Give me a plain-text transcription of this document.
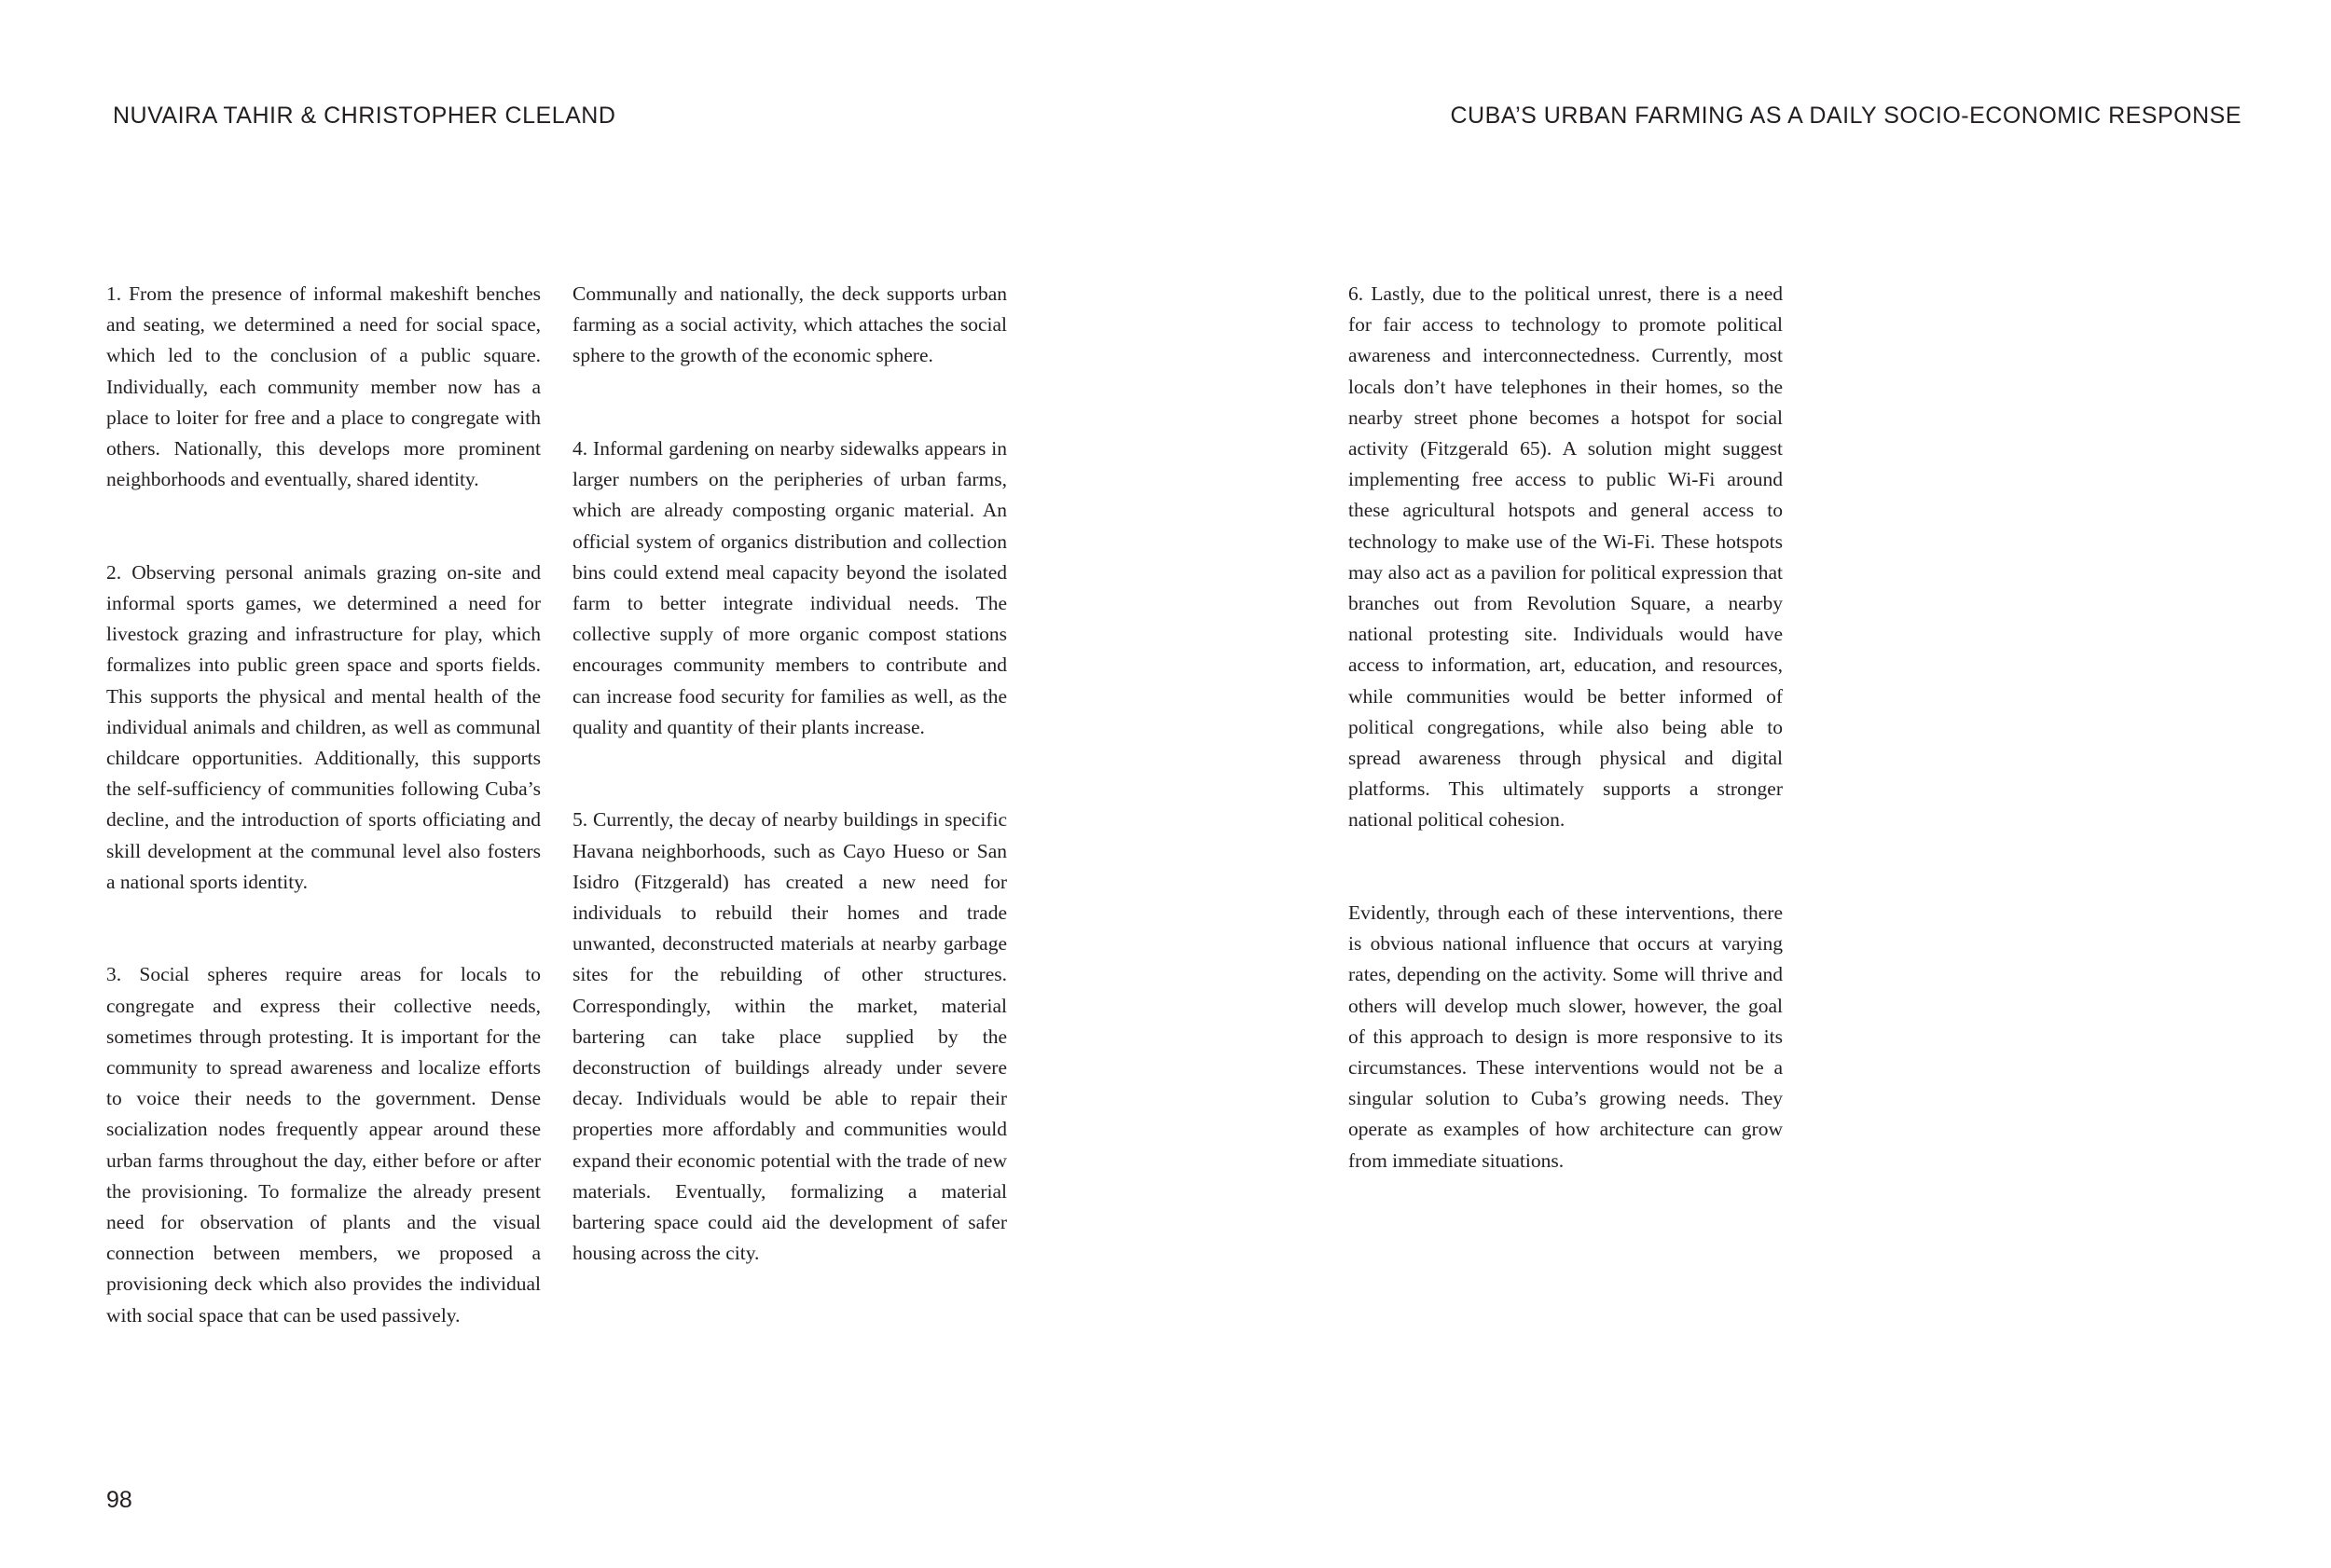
NUVAIRA TAHIR & CHRISTOPHER CLELAND	CUBA’S URBAN FARMING AS A DAILY SOCIO-ECONOMIC RESPONSE

1. From the presence of informal makeshift benches and seating, we determined a need for social space, which led to the conclusion of a public square. Individually, each community member now has a place to loiter for free and a place to congregate with others. Nationally, this develops more prominent neighborhoods and eventually, shared identity.

2. Observing personal animals grazing on-site and informal sports games, we determined a need for livestock grazing and infrastructure for play, which formalizes into public green space and sports fields. This supports the physical and mental health of the individual animals and children, as well as communal childcare opportunities. Additionally, this supports the self-sufficiency of communities following Cuba’s decline, and the introduction of sports officiating and skill development at the communal level also fosters a national sports identity.

3. Social spheres require areas for locals to congregate and express their collective needs, sometimes through protesting. It is important for the community to spread awareness and localize efforts to voice their needs to the government. Dense socialization nodes frequently appear around these urban farms throughout the day, either before or after the provisioning. To formalize the already present need for observation of plants and the visual connection between members, we proposed a provisioning deck which also provides the individual with social space that can be used passively.

Communally and nationally, the deck supports urban farming as a social activity, which attaches the social sphere to the growth of the economic sphere.

4. Informal gardening on nearby sidewalks appears in larger numbers on the peripheries of urban farms, which are already composting organic material. An official system of organics distribution and collection bins could extend meal capacity beyond the isolated farm to better integrate individual needs. The collective supply of more organic compost stations encourages community members to contribute and can increase food security for families as well, as the quality and quantity of their plants increase.

5. Currently, the decay of nearby buildings in specific Havana neighborhoods, such as Cayo Hueso or San Isidro (Fitzgerald) has created a new need for individuals to rebuild their homes and trade unwanted, deconstructed materials at nearby garbage sites for the rebuilding of other structures. Correspondingly, within the market, material bartering can take place supplied by the deconstruction of buildings already under severe decay. Individuals would be able to repair their properties more affordably and communities would expand their economic potential with the trade of new materials. Eventually, formalizing a material bartering space could aid the development of safer housing across the city.

6. Lastly, due to the political unrest, there is a need for fair access to technology to promote political awareness and interconnectedness. Currently, most locals don’t have telephones in their homes, so the nearby street phone becomes a hotspot for social activity (Fitzgerald 65). A solution might suggest implementing free access to public Wi-Fi around these agricultural hotspots and general access to technology to make use of the Wi-Fi. These hotspots may also act as a pavilion for political expression that branches out from Revolution Square, a nearby national protesting site. Individuals would have access to information, art, education, and resources, while communities would be better informed of political congregations, while also being able to spread awareness through physical and digital platforms. This ultimately supports a stronger national political cohesion.

Evidently, through each of these interventions, there is obvious national influence that occurs at varying rates, depending on the activity. Some will thrive and others will develop much slower, however, the goal of this approach to design is more responsive to its circumstances. These interventions would not be a singular solution to Cuba’s growing needs. They operate as examples of how architecture can grow from immediate situations.

98
